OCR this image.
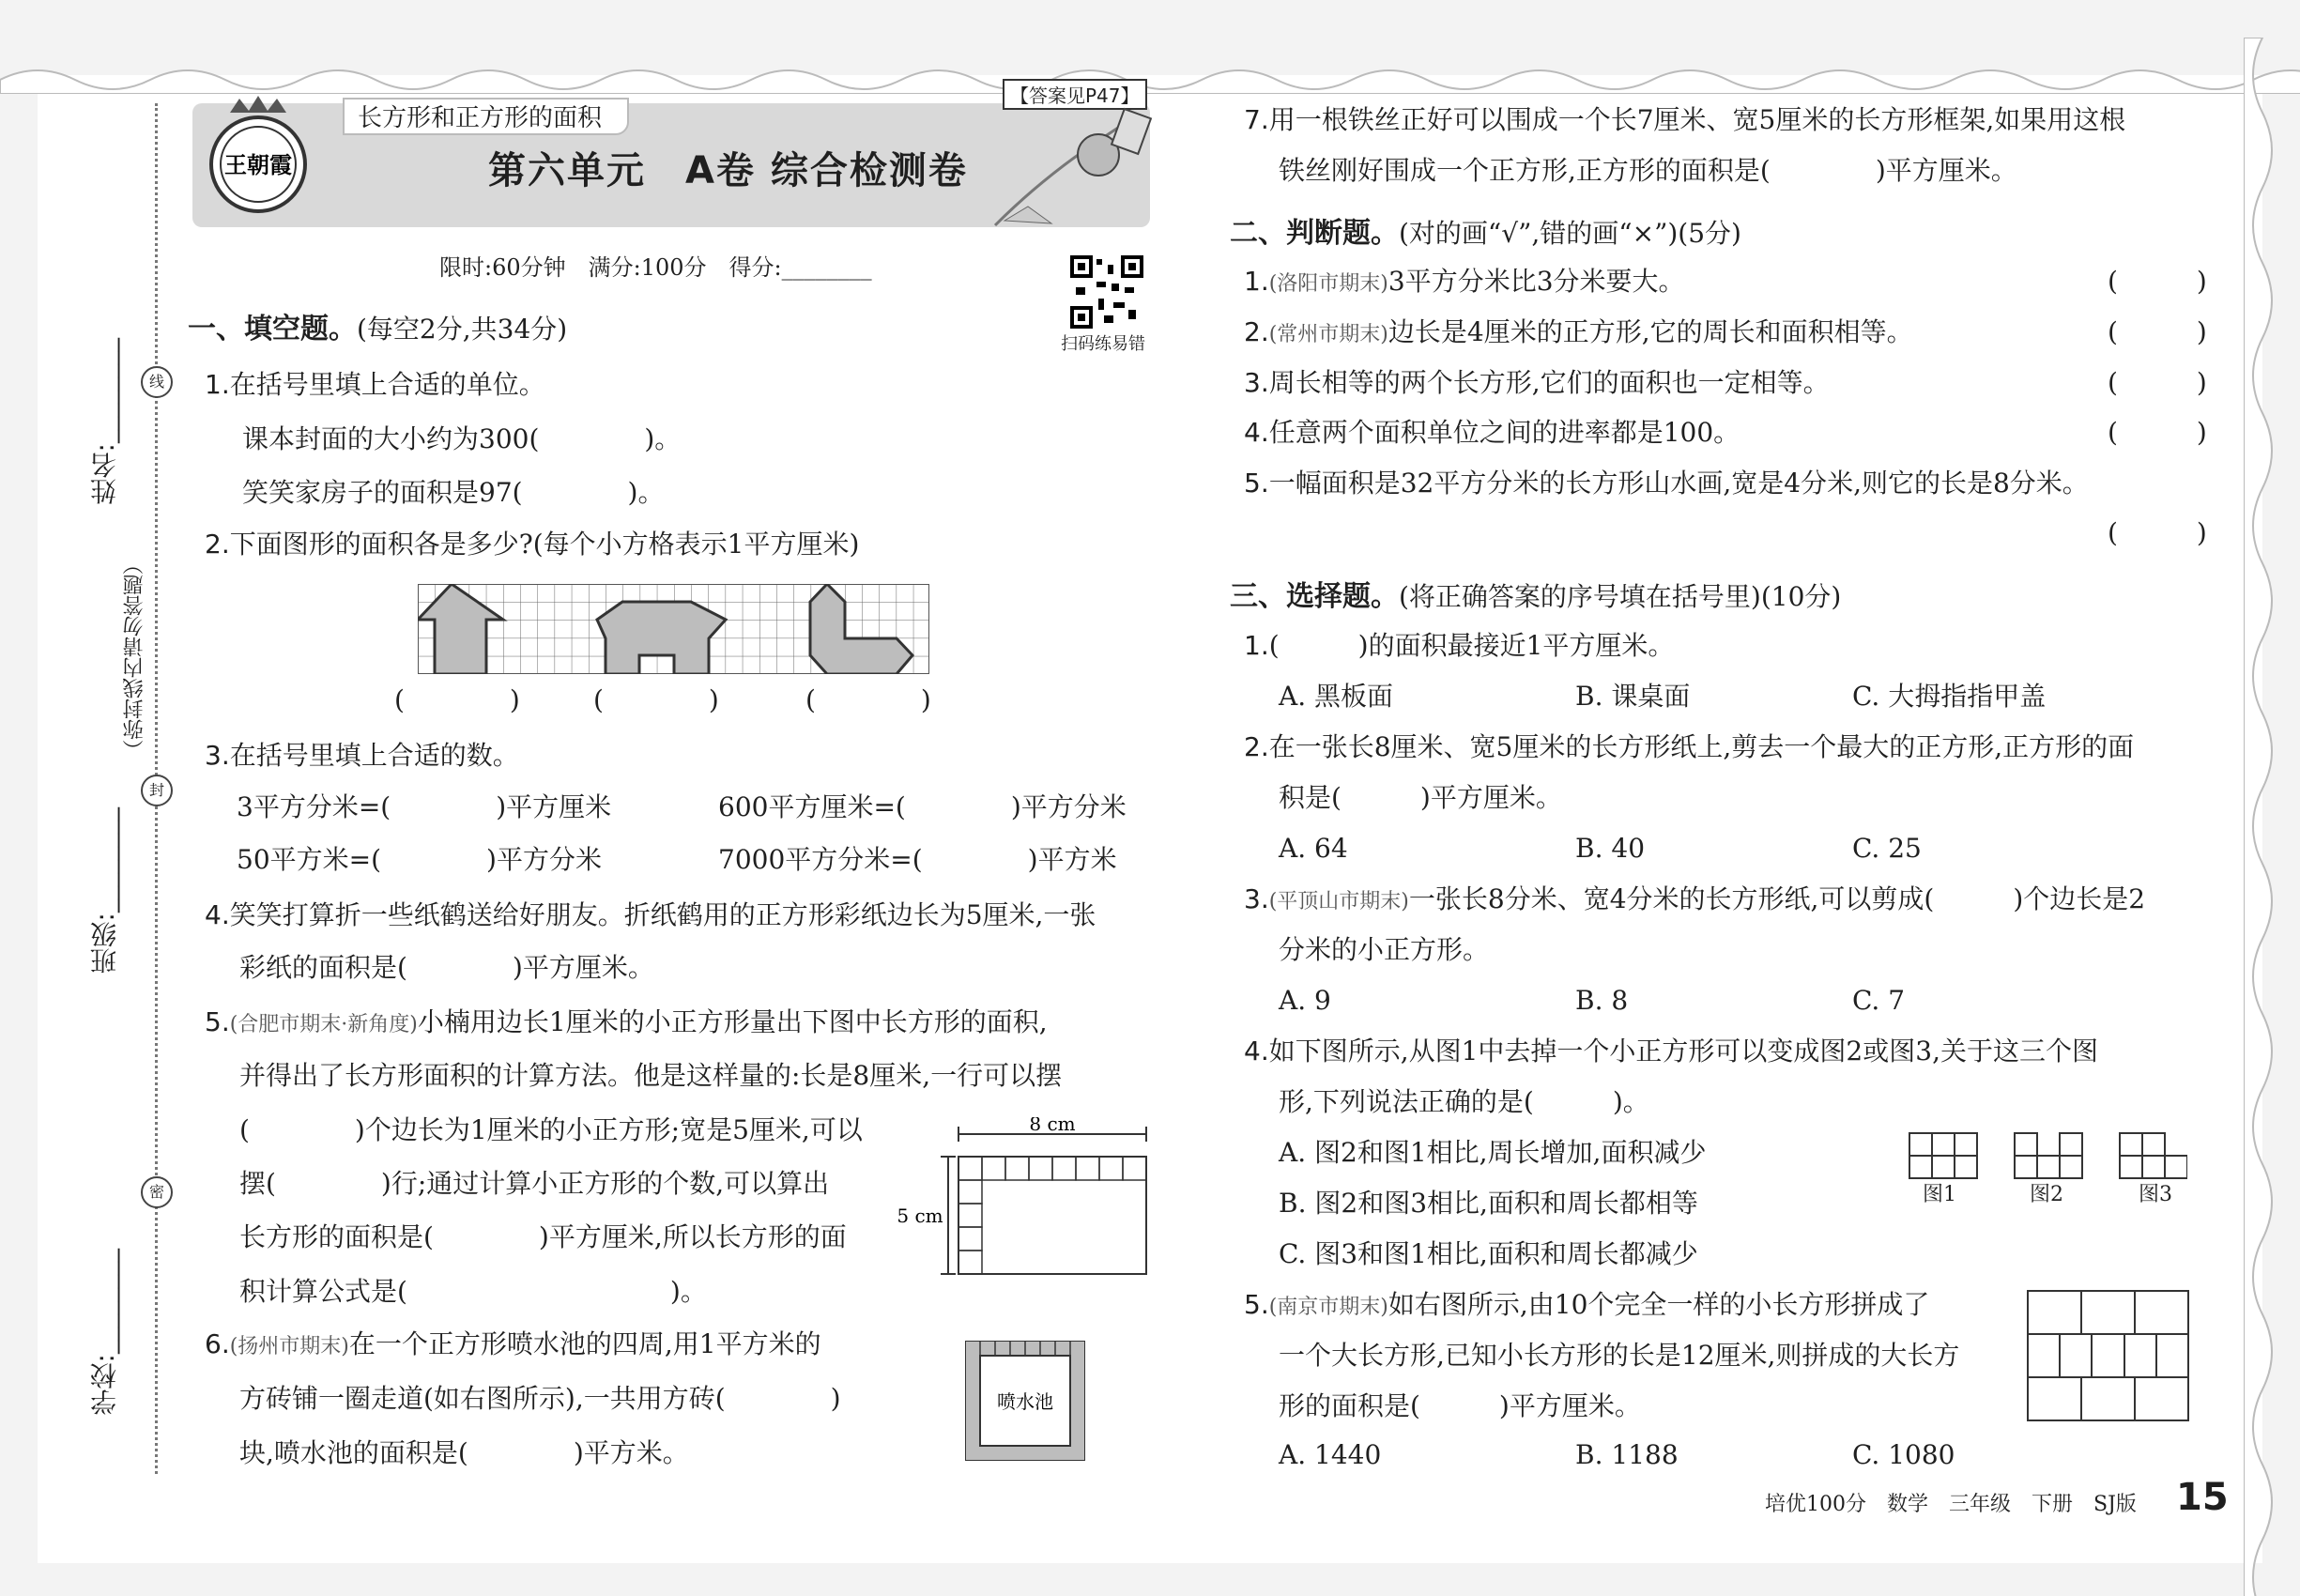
姓名:________
班级:________
学校:________
（弥封线内请勿答题）
线
封
密
长方形和正方形的面积
王朝霞	第六单元　A卷 综合检测卷
【答案见P47】
限时:60分钟　满分:100分　得分:________
扫码练易错
一、填空题。(每空2分,共34分)
1.在括号里填上合适的单位。
课本封面的大小约为300(　　　　)。
笑笑家房子的面积是97(　　　　)。
2.下面图形的面积各是多少?(每个小方格表示1平方厘米)
(　　　　)	(　　　　)	(　　　　)
3.在括号里填上合适的数。
3平方分米=(　　　　)平方厘米	600平方厘米=(　　　　)平方分米
50平方米=(　　　　)平方分米	7000平方分米=(　　　　)平方米
4.笑笑打算折一些纸鹤送给好朋友。折纸鹤用的正方形彩纸边长为5厘米,一张
彩纸的面积是(　　　　)平方厘米。
5.(合肥市期末·新角度)小楠用边长1厘米的小正方形量出下图中长方形的面积,
并得出了长方形面积的计算方法。他是这样量的:长是8厘米,一行可以摆
(　　　　)个边长为1厘米的小正方形;宽是5厘米,可以
摆(　　　　)行;通过计算小正方形的个数,可以算出
长方形的面积是(　　　　)平方厘米,所以长方形的面
积计算公式是(　　　　　　　　　　)。
8 cm
5 cm
6.(扬州市期末)在一个正方形喷水池的四周,用1平方米的
方砖铺一圈走道(如右图所示),一共用方砖(　　　　)
块,喷水池的面积是(　　　　)平方米。
喷水池
7.用一根铁丝正好可以围成一个长7厘米、宽5厘米的长方形框架,如果用这根
铁丝刚好围成一个正方形,正方形的面积是(　　　　)平方厘米。
二、判断题。(对的画“√”,错的画“×”)(5分)
1.(洛阳市期末)3平方分米比3分米要大。	(　　　)
2.(常州市期末)边长是4厘米的正方形,它的周长和面积相等。	(　　　)
3.周长相等的两个长方形,它们的面积也一定相等。	(　　　)
4.任意两个面积单位之间的进率都是100。	(　　　)
5.一幅面积是32平方分米的长方形山水画,宽是4分米,则它的长是8分米。
(　　　)
三、选择题。(将正确答案的序号填在括号里)(10分)
1.(　　　)的面积最接近1平方厘米。
A. 黑板面	B. 课桌面	C. 大拇指指甲盖
2.在一张长8厘米、宽5厘米的长方形纸上,剪去一个最大的正方形,正方形的面
积是(　　　)平方厘米。
A. 64	B. 40	C. 25
3.(平顶山市期末)一张长8分米、宽4分米的长方形纸,可以剪成(　　　)个边长是2
分米的小正方形。
A. 9	B. 8	C. 7
4.如下图所示,从图1中去掉一个小正方形可以变成图2或图3,关于这三个图
形,下列说法正确的是(　　　)。
A. 图2和图1相比,周长增加,面积减少
B. 图2和图3相比,面积和周长都相等
C. 图3和图1相比,面积和周长都减少
图1	图2	图3
5.(南京市期末)如右图所示,由10个完全一样的小长方形拼成了
一个大长方形,已知小长方形的长是12厘米,则拼成的大长方
形的面积是(　　　)平方厘米。
A. 1440	B. 1188	C. 1080
培优100分　数学　三年级　下册　SJ版 15
